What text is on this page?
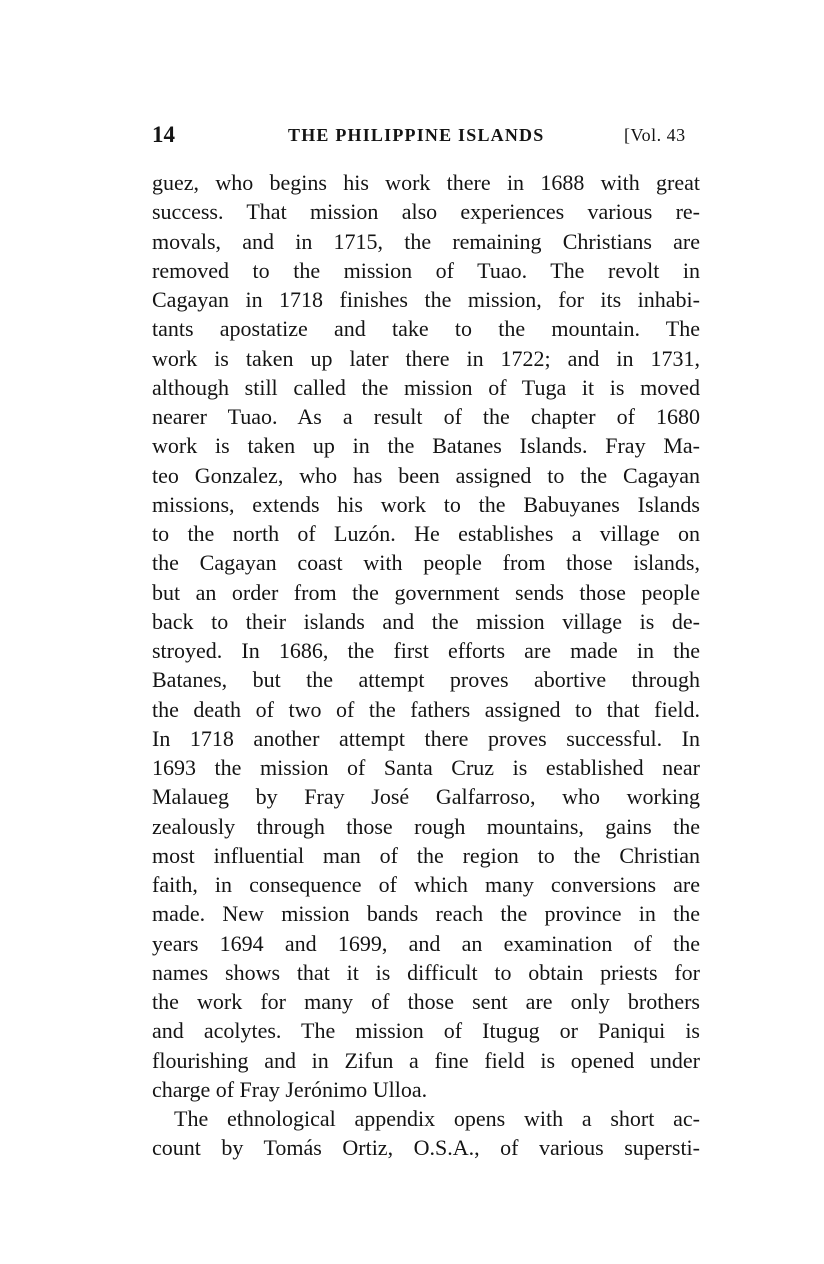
14	THE PHILIPPINE ISLANDS	[Vol. 43
guez, who begins his work there in 1688 with great
success. That mission also experiences various re-
movals, and in 1715, the remaining Christians are
removed to the mission of Tuao. The revolt in
Cagayan in 1718 finishes the mission, for its inhabi-
tants apostatize and take to the mountain. The
work is taken up later there in 1722; and in 1731,
although still called the mission of Tuga it is moved
nearer Tuao. As a result of the chapter of 1680
work is taken up in the Batanes Islands. Fray Ma-
teo Gonzalez, who has been assigned to the Cagayan
missions, extends his work to the Babuyanes Islands
to the north of Luzón. He establishes a village on
the Cagayan coast with people from those islands,
but an order from the government sends those people
back to their islands and the mission village is de-
stroyed. In 1686, the first efforts are made in the
Batanes, but the attempt proves abortive through
the death of two of the fathers assigned to that field.
In 1718 another attempt there proves successful. In
1693 the mission of Santa Cruz is established near
Malaueg by Fray José Galfarroso, who working
zealously through those rough mountains, gains the
most influential man of the region to the Christian
faith, in consequence of which many conversions are
made. New mission bands reach the province in the
years 1694 and 1699, and an examination of the
names shows that it is difficult to obtain priests for
the work for many of those sent are only brothers
and acolytes. The mission of Itugug or Paniqui is
flourishing and in Zifun a fine field is opened under
charge of Fray Jerónimo Ulloa.
The ethnological appendix opens with a short ac-
count by Tomás Ortiz, O.S.A., of various supersti-
